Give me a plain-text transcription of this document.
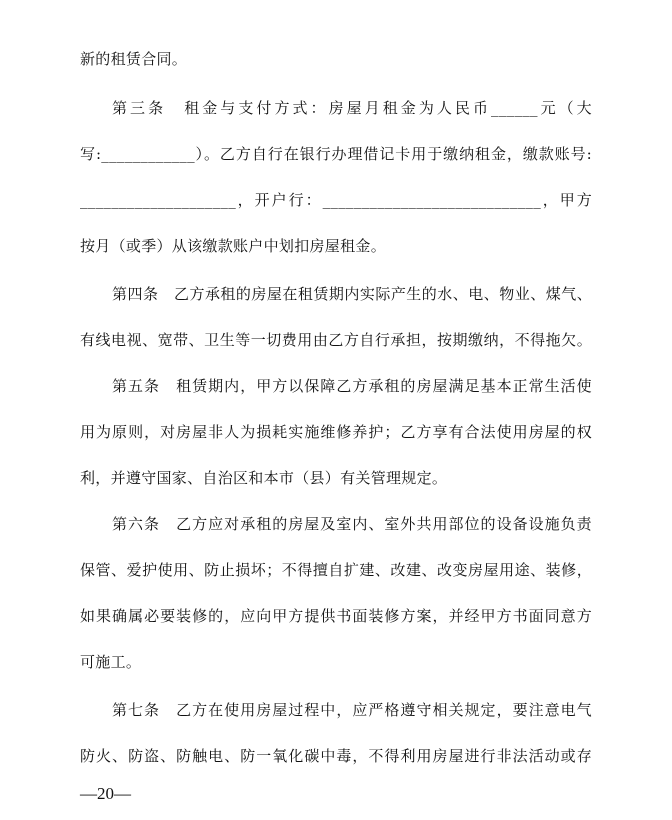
新的租赁合同。
第三条　租金与支付方式：房屋月租金为人民币______元（大
写:____________）。乙方自行在银行办理借记卡用于缴纳租金，缴款账号:
____________________，开户行：____________________________，甲方
按月（或季）从该缴款账户中划扣房屋租金。
第四条　乙方承租的房屋在租赁期内实际产生的水、电、物业、煤气、
有线电视、宽带、卫生等一切费用由乙方自行承担，按期缴纳，不得拖欠。
第五条　租赁期内，甲方以保障乙方承租的房屋满足基本正常生活使
用为原则，对房屋非人为损耗实施维修养护；乙方享有合法使用房屋的权
利，并遵守国家、自治区和本市（县）有关管理规定。
第六条　乙方应对承租的房屋及室内、室外共用部位的设备设施负责
保管、爱护使用、防止损坏；不得擅自扩建、改建、改变房屋用途、装修，
如果确属必要装修的，应向甲方提供书面装修方案，并经甲方书面同意方
可施工。
第七条　乙方在使用房屋过程中，应严格遵守相关规定，要注意电气
防火、防盗、防触电、防一氧化碳中毒，不得利用房屋进行非法活动或存
—20—
